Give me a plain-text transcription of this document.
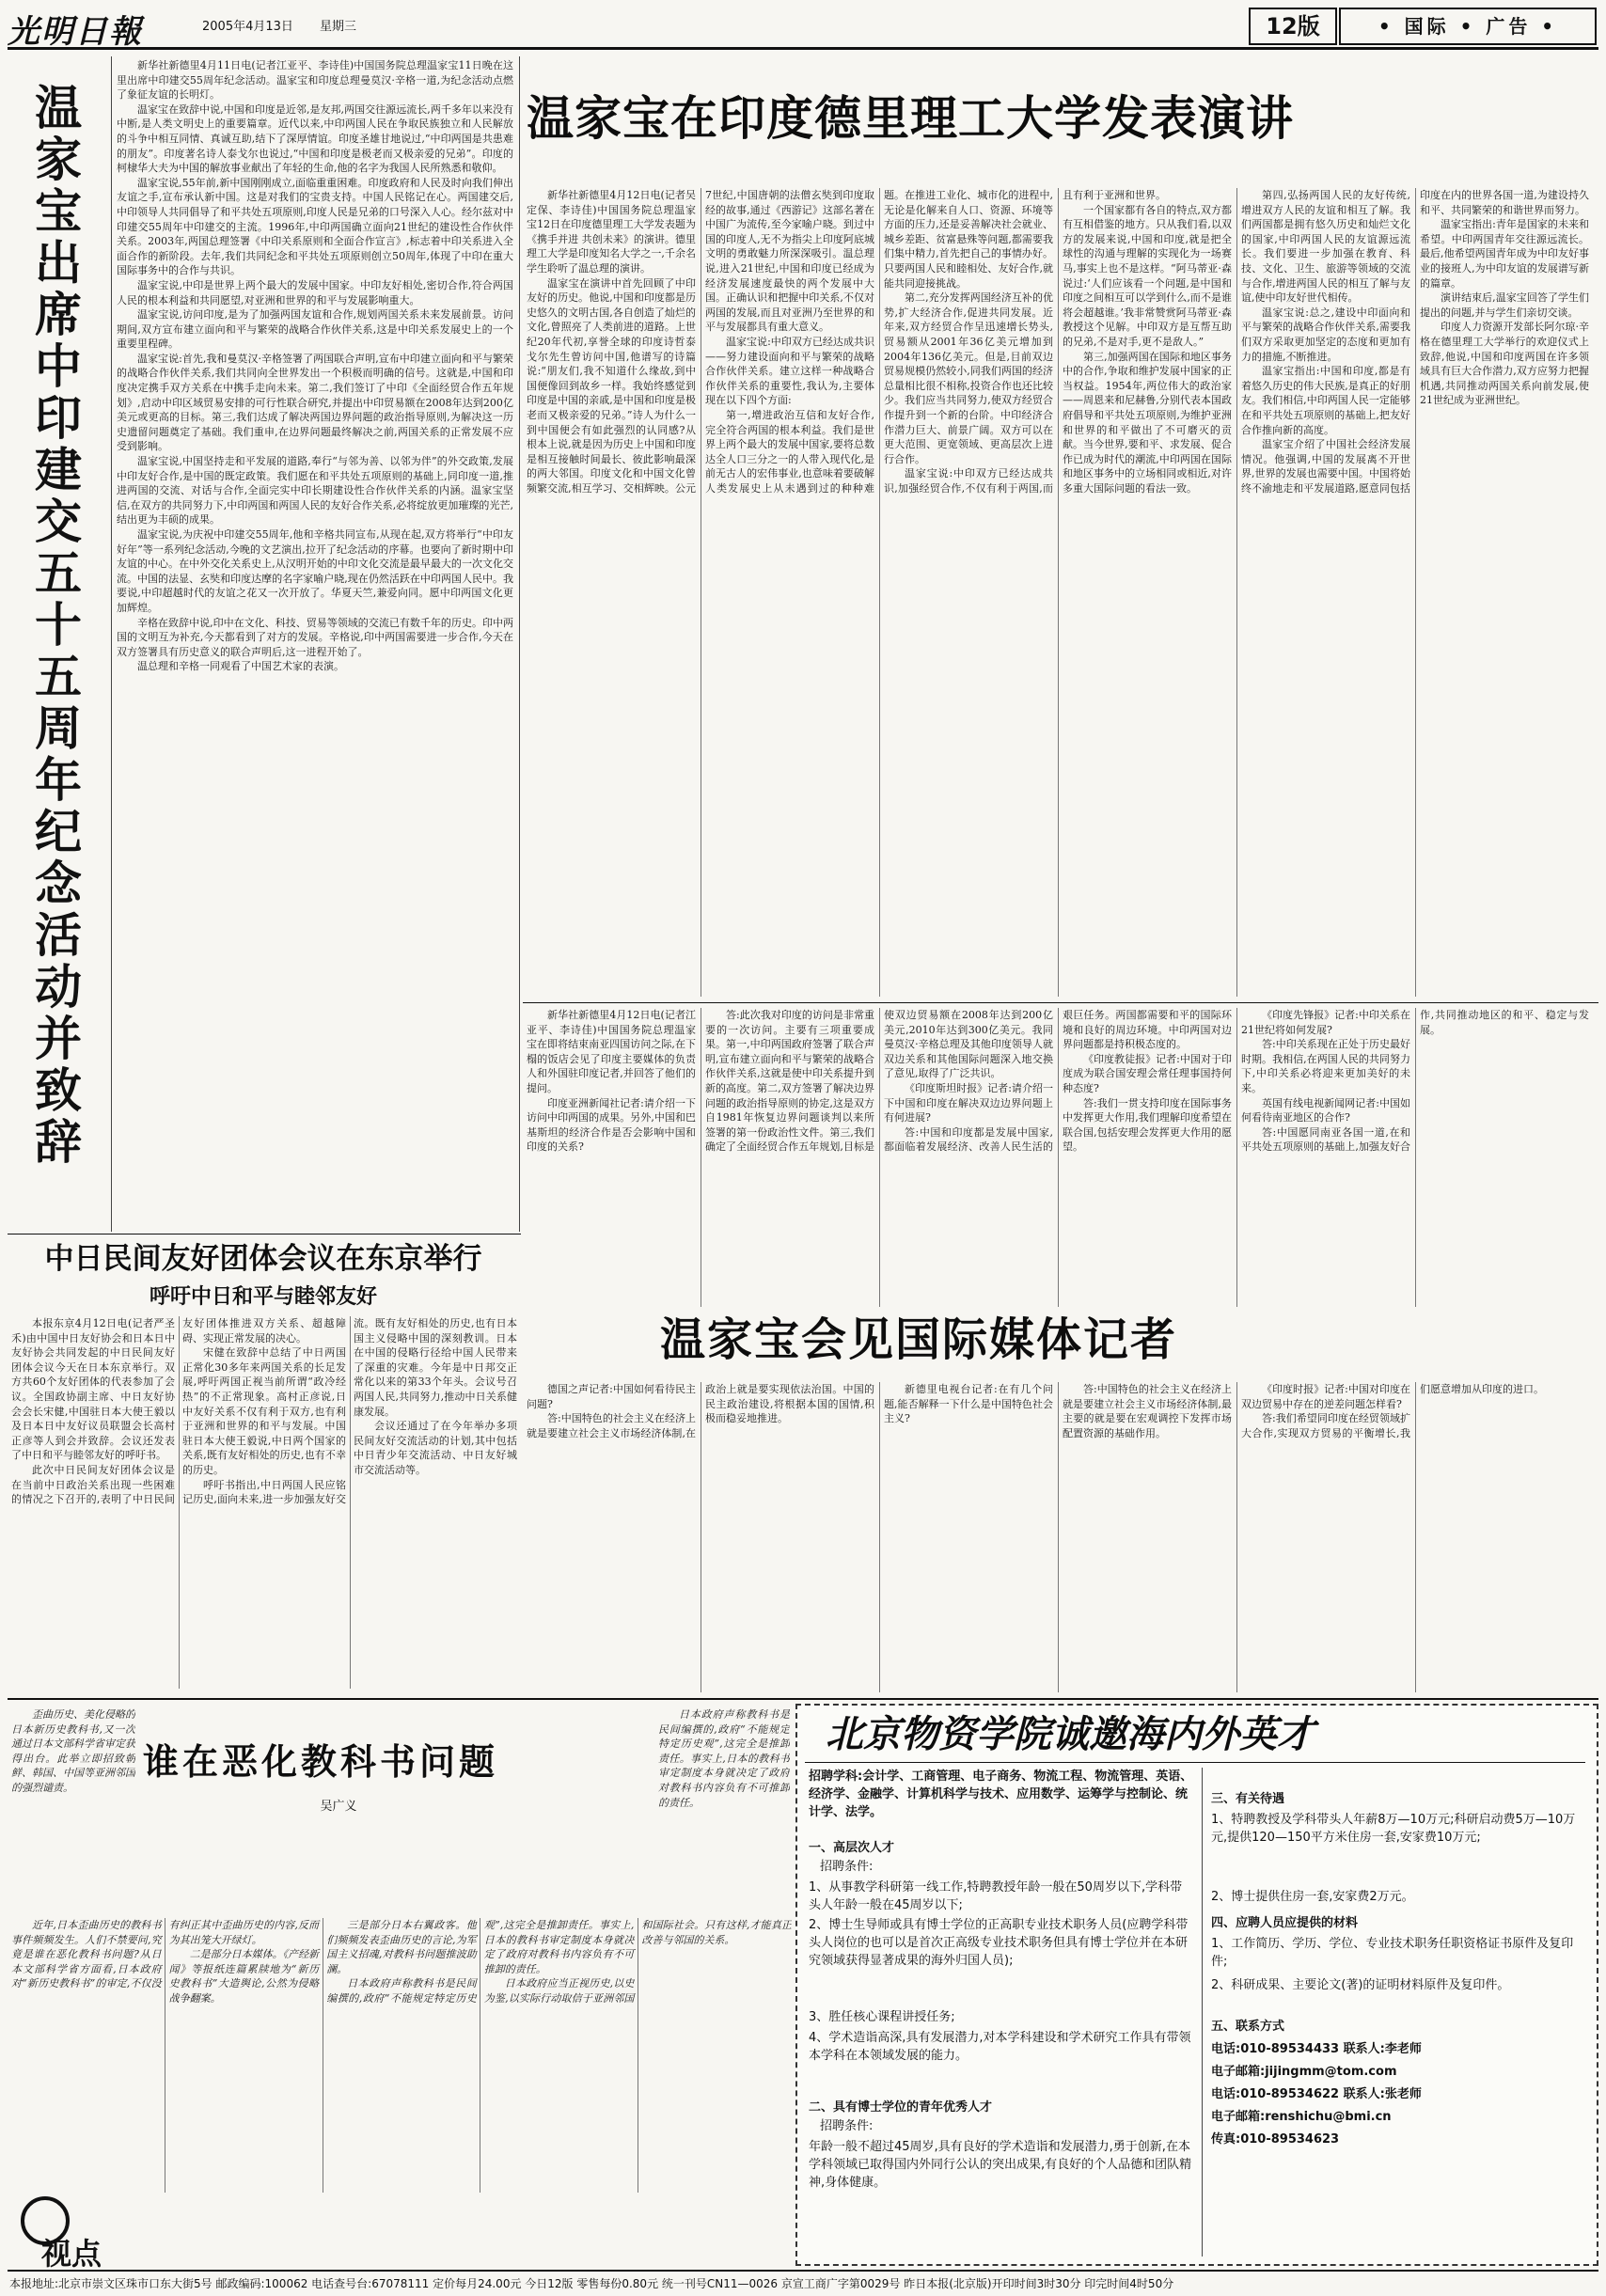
光明日報	2005年4月13日 星期三	12版	• 国际 • 广告 •
温家宝出席中印建交五十五周年纪念活动并致辞

新华社新德里4月11日电(记者江亚平、李诗佳)中国国务院总理温家宝11日晚在这里出席中印建交55周年纪念活动。温家宝和印度总理曼莫汉·辛格一道,为纪念活动点燃了象征友谊的长明灯。

温家宝在致辞中说,中国和印度是近邻,是友邦,两国交往源远流长,两千多年以来没有中断,是人类文明史上的重要篇章。近代以来,中印两国人民在争取民族独立和人民解放的斗争中相互同情、真诚互助,结下了深厚情谊。印度圣雄甘地说过,“中印两国是共患难的朋友”。印度著名诗人泰戈尔也说过,“中国和印度是极老而又极亲爱的兄弟”。印度的柯棣华大夫为中国的解放事业献出了年轻的生命,他的名字为我国人民所熟悉和敬仰。

温家宝说,55年前,新中国刚刚成立,面临重重困难。印度政府和人民及时向我们伸出友谊之手,宣布承认新中国。这是对我们的宝贵支持。中国人民铭记在心。两国建交后,中印领导人共同倡导了和平共处五项原则,印度人民是兄弟的口号深入人心。经尔兹对中印建交55周年中印建交的主流。1996年,中印两国确立面向21世纪的建设性合作伙伴关系。2003年,两国总理签署《中印关系原则和全面合作宣言》,标志着中印关系进入全面合作的新阶段。去年,我们共同纪念和平共处五项原则创立50周年,体现了中印在重大国际事务中的合作与共识。

温家宝说,中印是世界上两个最大的发展中国家。中印友好相处,密切合作,符合两国人民的根本利益和共同愿望,对亚洲和世界的和平与发展影响重大。

温家宝说,访问印度,是为了加强两国友谊和合作,规划两国关系未来发展前景。访问期间,双方宣布建立面向和平与繁荣的战略合作伙伴关系,这是中印关系发展史上的一个重要里程碑。

温家宝说:首先,我和曼莫汉·辛格签署了两国联合声明,宣布中印建立面向和平与繁荣的战略合作伙伴关系,我们共同向全世界发出一个积极而明确的信号。这就是,中国和印度决定携手双方关系在中携手走向未来。第二,我们签订了中印《全面经贸合作五年规划》,启动中印区域贸易安排的可行性联合研究,并提出中印贸易额在2008年达到200亿美元或更高的目标。第三,我们达成了解决两国边界问题的政治指导原则,为解决这一历史遗留问题奠定了基础。我们重申,在边界问题最终解决之前,两国关系的正常发展不应受到影响。

温家宝说,中国坚持走和平发展的道路,奉行“与邻为善、以邻为伴”的外交政策,发展中印友好合作,是中国的既定政策。我们愿在和平共处五项原则的基础上,同印度一道,推进两国的交流、对话与合作,全面完实中印长期建设性合作伙伴关系的内涵。温家宝坚信,在双方的共同努力下,中印两国和两国人民的友好合作关系,必将绽放更加璀璨的光芒,结出更为丰硕的成果。

温家宝说,为庆祝中印建交55周年,他和辛格共同宣布,从现在起,双方将举行“中印友好年”等一系列纪念活动,今晚的文艺演出,拉开了纪念活动的序幕。也要向了新时期中印友谊的中心。在中外交化关系史上,从汉明开始的中印文化交流是最早最大的一次文化交流。中国的法显、玄奘和印度达摩的名字家喻户晓,现在仍然活跃在中印两国人民中。我要说,中印超越时代的友谊之花又一次开放了。华夏天竺,兼爱向同。愿中印两国文化更加辉煌。

辛格在致辞中说,印中在文化、科技、贸易等领域的交流已有数千年的历史。印中两国的文明互为补充,今天都看到了对方的发展。辛格说,印中两国需要进一步合作,今天在双方签署具有历史意义的联合声明后,这一进程开始了。

温总理和辛格一同观看了中国艺术家的表演。

温家宝在印度德里理工大学发表演讲

新华社新德里4月12日电(记者吴定保、李诗佳)中国国务院总理温家宝12日在印度德里理工大学发表题为《携手并进 共创未来》的演讲。德里理工大学是印度知名大学之一,千余名学生聆听了温总理的演讲。

温家宝在演讲中首先回顾了中印友好的历史。他说,中国和印度都是历史悠久的文明古国,各自创造了灿烂的文化,曾照亮了人类前进的道路。上世纪20年代初,享誉全球的印度诗哲泰戈尔先生曾访问中国,他谱写的诗篇说:“朋友们,我不知道什么缘故,到中国便像回到故乡一样。我始终感觉到印度是中国的亲戚,是中国和印度是极老而又极亲爱的兄弟。”诗人为什么一到中国便会有如此强烈的认同感?从根本上说,就是因为历史上中国和印度是相互接触时间最长、彼此影响最深的两大邻国。印度文化和中国文化曾频繁交流,相互学习、交相辉映。公元7世纪,中国唐朝的法僧玄奘到印度取经的故事,通过《西游记》这部名著在中国广为流传,至今家喻户晓。到过中国的印度人,无不为指尖上印度阿底城文明的勇敢魅力所深深吸引。温总理说,进入21世纪,中国和印度已经成为经济发展速度最快的两个发展中大国。正确认识和把握中印关系,不仅对两国的发展,而且对亚洲乃至世界的和平与发展都具有重大意义。

温家宝说:中印双方已经达成共识——努力建设面向和平与繁荣的战略合作伙伴关系。建立这样一种战略合作伙伴关系的重要性,我认为,主要体现在以下四个方面:

第一,增进政治互信和友好合作,完全符合两国的根本利益。我们是世界上两个最大的发展中国家,要将总数达全人口三分之一的人带入现代化,是前无古人的宏伟事业,也意味着要破解人类发展史上从未遇到过的种种难题。在推进工业化、城市化的进程中,无论是化解来自人口、资源、环境等方面的压力,还是妥善解决社会就业、城乡差距、贫富悬殊等问题,都需要我们集中精力,首先把自己的事情办好。只要两国人民和睦相处、友好合作,就能共同迎接挑战。

第二,充分发挥两国经济互补的优势,扩大经济合作,促进共同发展。近年来,双方经贸合作呈迅速增长势头,贸易额从2001年36亿美元增加到2004年136亿美元。但是,目前双边贸易规模仍然较小,同我们两国的经济总量相比很不相称,投资合作也还比较少。我们应当共同努力,使双方经贸合作提升到一个新的台阶。中印经济合作潜力巨大、前景广阔。双方可以在更大范围、更宽领域、更高层次上进行合作。

温家宝说:中印双方已经达成共识,加强经贸合作,不仅有利于两国,而且有利于亚洲和世界。

一个国家都有各自的特点,双方都有互相借鉴的地方。只从我们看,以双方的发展来说,中国和印度,就是把全球性的沟通与理解的实现化为一场赛马,事实上也不是这样。“阿马蒂亚·森说过:‘人们应该看一个问题,是中国和印度之间相互可以学到什么,而不是谁将会超越谁。’我非常赞赏阿马蒂亚·森教授这个见解。中印双方是互帮互助的兄弟,不是对手,更不是敌人。”

第三,加强两国在国际和地区事务中的合作,争取和维护发展中国家的正当权益。1954年,两位伟大的政治家——周恩来和尼赫鲁,分别代表本国政府倡导和平共处五项原则,为维护亚洲和世界的和平做出了不可磨灭的贡献。当今世界,要和平、求发展、促合作已成为时代的潮流,中印两国在国际和地区事务中的立场相同或相近,对许多重大国际问题的看法一致。

第四,弘扬两国人民的友好传统,增进双方人民的友谊和相互了解。我们两国都是拥有悠久历史和灿烂文化的国家,中印两国人民的友谊源远流长。我们要进一步加强在教育、科技、文化、卫生、旅游等领域的交流与合作,增进两国人民的相互了解与友谊,使中印友好世代相传。

温家宝说:总之,建设中印面向和平与繁荣的战略合作伙伴关系,需要我们双方采取更加坚定的态度和更加有力的措施,不断推进。

温家宝指出:中国和印度,都是有着悠久历史的伟大民族,是真正的好朋友。我们相信,中印两国人民一定能够在和平共处五项原则的基础上,把友好合作推向新的高度。

温家宝介绍了中国社会经济发展情况。他强调,中国的发展离不开世界,世界的发展也需要中国。中国将始终不渝地走和平发展道路,愿意同包括印度在内的世界各国一道,为建设持久和平、共同繁荣的和谐世界而努力。

温家宝指出:青年是国家的未来和希望。中印两国青年交往源远流长。最后,他希望两国青年成为中印友好事业的接班人,为中印友谊的发展谱写新的篇章。

演讲结束后,温家宝回答了学生们提出的问题,并与学生们亲切交谈。

印度人力资源开发部长阿尔琼·辛格在德里理工大学举行的欢迎仪式上致辞,他说,中国和印度两国在许多领域具有巨大合作潜力,双方应努力把握机遇,共同推动两国关系向前发展,使21世纪成为亚洲世纪。

温家宝会见国际媒体记者

新华社新德里4月12日电(记者江亚平、李诗佳)中国国务院总理温家宝在即将结束南亚四国访问之际,在下榻的饭店会见了印度主要媒体的负责人和外国驻印度记者,并回答了他们的提问。

印度亚洲新闻社记者:请介绍一下访问中印两国的成果。另外,中国和巴基斯坦的经济合作是否会影响中国和印度的关系?

答:此次我对印度的访问是非常重要的一次访问。主要有三项重要成果。第一,中印两国政府签署了联合声明,宣布建立面向和平与繁荣的战略合作伙伴关系,这就是使中印关系提升到新的高度。第二,双方签署了解决边界问题的政治指导原则的协定,这是双方自1981年恢复边界问题谈判以来所签署的第一份政治性文件。第三,我们确定了全面经贸合作五年规划,目标是使双边贸易额在2008年达到200亿美元,2010年达到300亿美元。我同曼莫汉·辛格总理及其他印度领导人就双边关系和其他国际问题深入地交换了意见,取得了广泛共识。

《印度斯坦时报》记者:请介绍一下中国和印度在解决双边边界问题上有何进展?

答:中国和印度都是发展中国家,都面临着发展经济、改善人民生活的艰巨任务。两国都需要和平的国际环境和良好的周边环境。中印两国对边界问题都是持积极态度的。

《印度教徒报》记者:中国对于印度成为联合国安理会常任理事国持何种态度?

答:我们一贯支持印度在国际事务中发挥更大作用,我们理解印度希望在联合国,包括安理会发挥更大作用的愿望。

《印度先锋报》记者:中印关系在21世纪将如何发展?

答:中印关系现在正处于历史最好时期。我相信,在两国人民的共同努力下,中印关系必将迎来更加美好的未来。

英国有线电视新闻网记者:中国如何看待南亚地区的合作?

答:中国愿同南亚各国一道,在和平共处五项原则的基础上,加强友好合作,共同推动地区的和平、稳定与发展。

德国之声记者:中国如何看待民主问题?

答:中国特色的社会主义在经济上就是要建立社会主义市场经济体制,在政治上就是要实现依法治国。中国的民主政治建设,将根据本国的国情,积极而稳妥地推进。

新德里电视台记者:在有几个问题,能否解释一下什么是中国特色社会主义?

答:中国特色的社会主义在经济上就是要建立社会主义市场经济体制,最主要的就是要在宏观调控下发挥市场配置资源的基础作用。

《印度时报》记者:中国对印度在双边贸易中存在的逆差问题怎样看?

答:我们希望同印度在经贸领域扩大合作,实现双方贸易的平衡增长,我们愿意增加从印度的进口。

中日民间友好团体会议在东京举行
呼吁中日和平与睦邻友好

本报东京4月12日电(记者严圣禾)由中国中日友好协会和日本日中友好协会共同发起的中日民间友好团体会议今天在日本东京举行。双方共60个友好团体的代表参加了会议。全国政协副主席、中日友好协会会长宋健,中国驻日本大使王毅以及日本日中友好议员联盟会长高村正彦等人到会并致辞。会议还发表了中日和平与睦邻友好的呼吁书。

此次中日民间友好团体会议是在当前中日政治关系出现一些困难的情况之下召开的,表明了中日民间友好团体推进双方关系、超越障碍、实现正常发展的决心。

宋健在致辞中总结了中日两国正常化30多年来两国关系的长足发展,呼吁两国正视当前所谓“政冷经热”的不正常现象。高村正彦说,日中友好关系不仅有利于双方,也有利于亚洲和世界的和平与发展。中国驻日本大使王毅说,中日两个国家的关系,既有友好相处的历史,也有不幸的历史。

呼吁书指出,中日两国人民应铭记历史,面向未来,进一步加强友好交流。既有友好相处的历史,也有日本国主义侵略中国的深刻教训。日本在中国的侵略行径给中国人民带来了深重的灾难。今年是中日邦交正常化以来的第33个年头。会议号召两国人民,共同努力,推动中日关系健康发展。

会议还通过了在今年举办多项民间友好交流活动的计划,其中包括中日青少年交流活动、中日友好城市交流活动等。

歪曲历史、美化侵略的日本新历史教科书,又一次通过日本文部科学省审定获得出台。此举立即招致朝鲜、韩国、中国等亚洲邻国的强烈谴责。

谁在恶化教科书问题
吴广义

近年,日本歪曲历史的教科书事件频频发生。人们不禁要问,究竟是谁在恶化教科书问题?从日本文部科学省方面看,日本政府对“新历史教科书”的审定,不仅没有纠正其中歪曲历史的内容,反而为其出笼大开绿灯。

二是部分日本媒体。《产经新闻》等报纸连篇累牍地为“新历史教科书”大造舆论,公然为侵略战争翻案。

三是部分日本右翼政客。他们频频发表歪曲历史的言论,为军国主义招魂,对教科书问题推波助澜。

日本政府声称教科书是民间编撰的,政府“不能规定特定历史观”,这完全是推卸责任。事实上,日本的教科书审定制度本身就决定了政府对教科书内容负有不可推卸的责任。

日本政府应当正视历史,以史为鉴,以实际行动取信于亚洲邻国和国际社会。只有这样,才能真正改善与邻国的关系。

日本政府声称教科书是民间编撰的,政府“不能规定特定历史观”,这完全是推卸责任。事实上,日本的教科书审定制度本身就决定了政府对教科书内容负有不可推卸的责任。

视点
北京物资学院诚邀海内外英才
招聘学科:会计学、工商管理、电子商务、物流工程、物流管理、英语、经济学、金融学、计算机科学与技术、应用数学、运筹学与控制论、统计学、法学。
一、高层次人才
招聘条件:
1、从事教学科研第一线工作,特聘教授年龄一般在50周岁以下,学科带头人年龄一般在45周岁以下;
2、博士生导师或具有博士学位的正高职专业技术职务人员(应聘学科带头人岗位的也可以是首次正高级专业技术职务但具有博士学位并在本研究领域获得显著成果的海外归国人员);
3、胜任核心课程讲授任务;
4、学术造诣高深,具有发展潜力,对本学科建设和学术研究工作具有带领本学科在本领域发展的能力。
二、具有博士学位的青年优秀人才
招聘条件:
年龄一般不超过45周岁,具有良好的学术造诣和发展潜力,勇于创新,在本学科领域已取得国内外同行公认的突出成果,有良好的个人品德和团队精神,身体健康。
三、有关待遇
1、特聘教授及学科带头人年薪8万—10万元;科研启动费5万—10万元,提供120—150平方米住房一套,安家费10万元;
2、博士提供住房一套,安家费2万元。
四、应聘人员应提供的材料
1、工作简历、学历、学位、专业技术职务任职资格证书原件及复印件;
2、科研成果、主要论文(著)的证明材料原件及复印件。
五、联系方式
电话:010-89534433 联系人:李老师
电子邮箱:jijingmm@tom.com
电话:010-89534622 联系人:张老师
电子邮箱:renshichu@bmi.cn
传真:010-89534623
本报地址:北京市崇文区珠市口东大街5号 邮政编码:100062 电话查号台:67078111 定价每月24.00元 今日12版 零售每份0.80元 统一刊号CN11—0026 京宣工商广字第0029号 昨日本报(北京版)开印时间3时30分 印完时间4时50分
